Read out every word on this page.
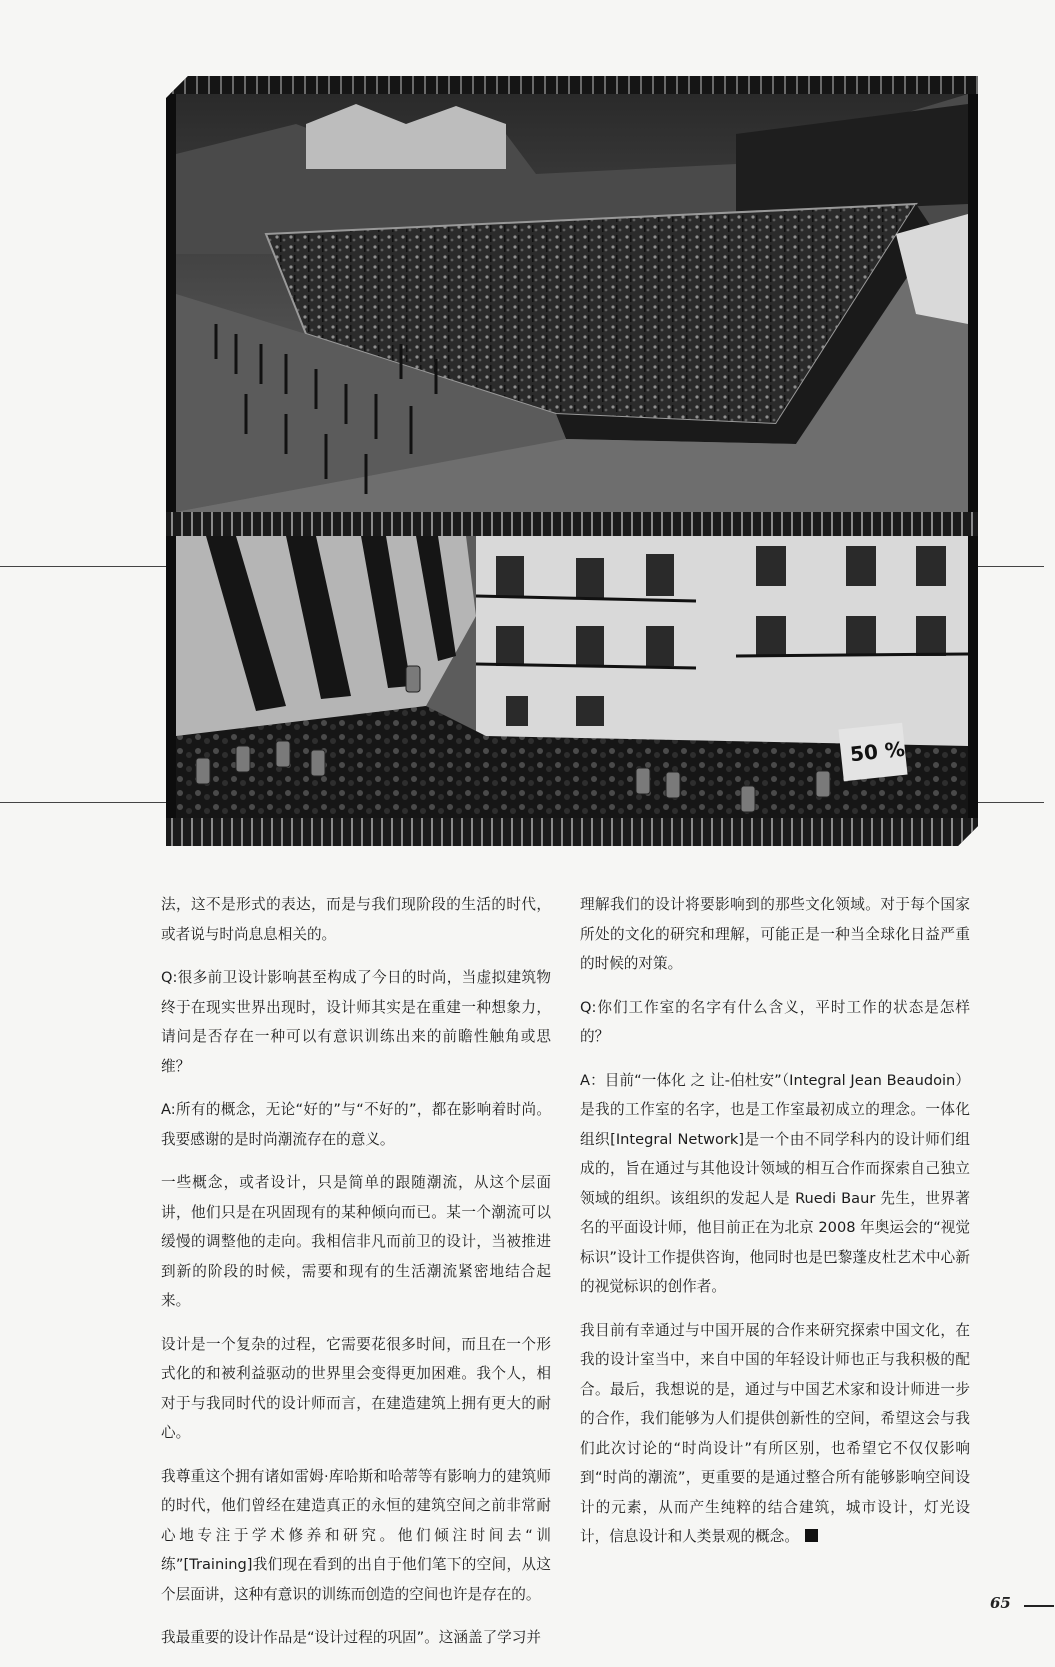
50 %

法，这不是形式的表达，而是与我们现阶段的生活的时代，或者说与时尚息息相关的。

Q:很多前卫设计影响甚至构成了今日的时尚，当虚拟建筑物终于在现实世界出现时，设计师其实是在重建一种想象力，请问是否存在一种可以有意识训练出来的前瞻性触角或思维？

A:所有的概念，无论“好的”与“不好的”，都在影响着时尚。我要感谢的是时尚潮流存在的意义。

一些概念，或者设计，只是简单的跟随潮流，从这个层面讲，他们只是在巩固现有的某种倾向而已。某一个潮流可以缓慢的调整他的走向。我相信非凡而前卫的设计，当被推进到新的阶段的时候，需要和现有的生活潮流紧密地结合起来。

设计是一个复杂的过程，它需要花很多时间，而且在一个形式化的和被利益驱动的世界里会变得更加困难。我个人，相对于与我同时代的设计师而言，在建造建筑上拥有更大的耐心。

我尊重这个拥有诸如雷姆·库哈斯和哈蒂等有影响力的建筑师的时代，他们曾经在建造真正的永恒的建筑空间之前非常耐心地专注于学术修养和研究。他们倾注时间去“训练”[Training]我们现在看到的出自于他们笔下的空间，从这个层面讲，这种有意识的训练而创造的空间也许是存在的。

我最重要的设计作品是“设计过程的巩固”。这涵盖了学习并

理解我们的设计将要影响到的那些文化领域。对于每个国家所处的文化的研究和理解，可能正是一种当全球化日益严重的时候的对策。

Q:你们工作室的名字有什么含义，平时工作的状态是怎样的？

A：目前“一体化 之 让-伯杜安”（Integral Jean Beaudoin）是我的工作室的名字，也是工作室最初成立的理念。一体化组织[Integral Network]是一个由不同学科内的设计师们组成的，旨在通过与其他设计领域的相互合作而探索自己独立领域的组织。该组织的发起人是 Ruedi Baur 先生，世界著名的平面设计师，他目前正在为北京 2008 年奥运会的“视觉标识”设计工作提供咨询，他同时也是巴黎蓬皮杜艺术中心新的视觉标识的创作者。

我目前有幸通过与中国开展的合作来研究探索中国文化，在我的设计室当中，来自中国的年轻设计师也正与我积极的配合。最后，我想说的是，通过与中国艺术家和设计师进一步的合作，我们能够为人们提供创新性的空间，希望这会与我们此次讨论的“时尚设计”有所区别，也希望它不仅仅影响到“时尚的潮流”，更重要的是通过整合所有能够影响空间设计的元素，从而产生纯粹的结合建筑，城市设计，灯光设计，信息设计和人类景观的概念。

65
